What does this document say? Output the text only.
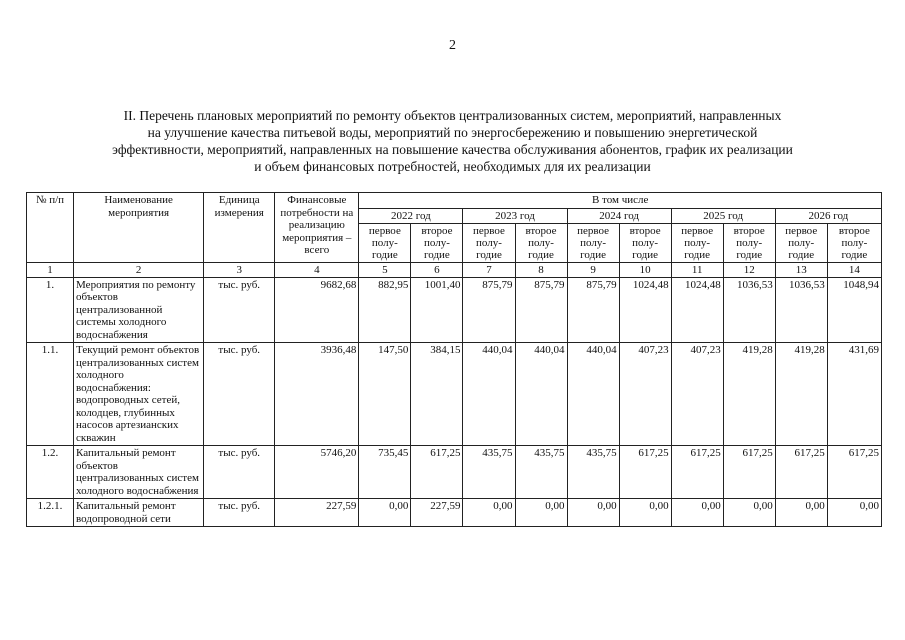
2
II. Перечень плановых мероприятий по ремонту объектов централизованных систем, мероприятий, направленных
на улучшение качества питьевой воды, мероприятий по энергосбережению и повышению энергетической
эффективности, мероприятий, направленных на повышение качества обслуживания абонентов, график их реализации
и объем финансовых потребностей, необходимых для их реализации
№ п/п	Наименование мероприятия	Единица измерения	Финансовые потребности на реализацию мероприятия – всего	В том числе									
				2022 год		2023 год		2024 год		2025 год		2026 год	
				первое полу-годие	второе полу-годие	первое полу-годие	второе полу-годие	первое полу-годие	второе полу-годие	первое полу-годие	второе полу-годие	первое полу-годие	второе полу-годие
1	2	3	4	5	6	7	8	9	10	11	12	13	14
1.	Мероприятия по ремонту объектов централизованной системы холодного водоснабжения	тыс. руб.	9682,68	882,95	1001,40	875,79	875,79	875,79	1024,48	1024,48	1036,53	1036,53	1048,94
1.1.	Текущий ремонт объектов централизованных систем холодного водоснабжения: водопроводных сетей, колодцев, глубинных насосов артезианских скважин	тыс. руб.	3936,48	147,50	384,15	440,04	440,04	440,04	407,23	407,23	419,28	419,28	431,69
1.2.	Капитальный ремонт объектов централизованных систем холодного водоснабжения	тыс. руб.	5746,20	735,45	617,25	435,75	435,75	435,75	617,25	617,25	617,25	617,25	617,25
1.2.1.	Капитальный ремонт водопроводной сети	тыс. руб.	227,59	0,00	227,59	0,00	0,00	0,00	0,00	0,00	0,00	0,00	0,00
